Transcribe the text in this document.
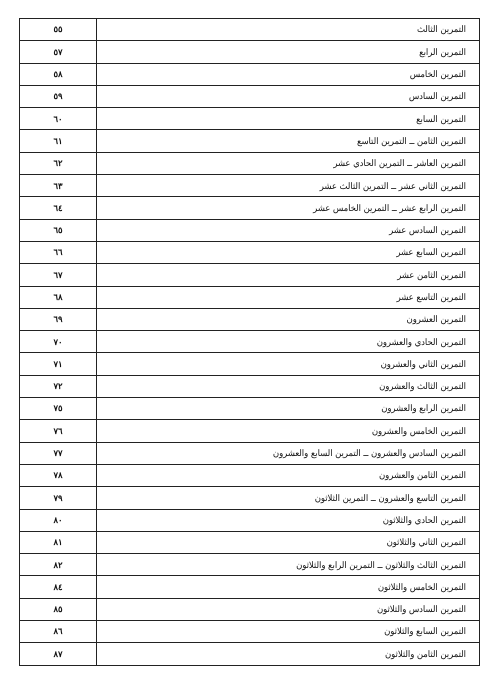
٥٥	التمرين الثالث
٥٧	التمرين الرابع
٥٨	التمرين الخامس
٥٩	التمرين السادس
٦٠	التمرين السابع
٦١	التمرين الثامن ــ التمرين التاسع
٦٢	التمرين العاشر ــ التمرين الحادي عشر
٦٣	التمرين الثاني عشر ــ التمرين الثالث عشر
٦٤	التمرين الرابع عشر ــ التمرين الخامس عشر
٦٥	التمرين السادس عشر
٦٦	التمرين السابع عشر
٦٧	التمرين الثامن عشر
٦٨	التمرين التاسع عشر
٦٩	التمرين العشرون
٧٠	التمرين الحادي والعشرون
٧١	التمرين الثاني والعشرون
٧٢	التمرين الثالث والعشرون
٧٥	التمرين الرابع والعشرون
٧٦	التمرين الخامس والعشرون
٧٧	التمرين السادس والعشرون ــ التمرين السابع والعشرون
٧٨	التمرين الثامن والعشرون
٧٩	التمرين التاسع والعشرون ــ التمرين الثلاثون
٨٠	التمرين الحادي والثلاثون
٨١	التمرين الثاني والثلاثون
٨٢	التمرين الثالث والثلاثون ــ التمرين الرابع والثلاثون
٨٤	التمرين الخامس والثلاثون
٨٥	التمرين السادس والثلاثون
٨٦	التمرين السابع والثلاثون
٨٧	التمرين الثامن والثلاثون
